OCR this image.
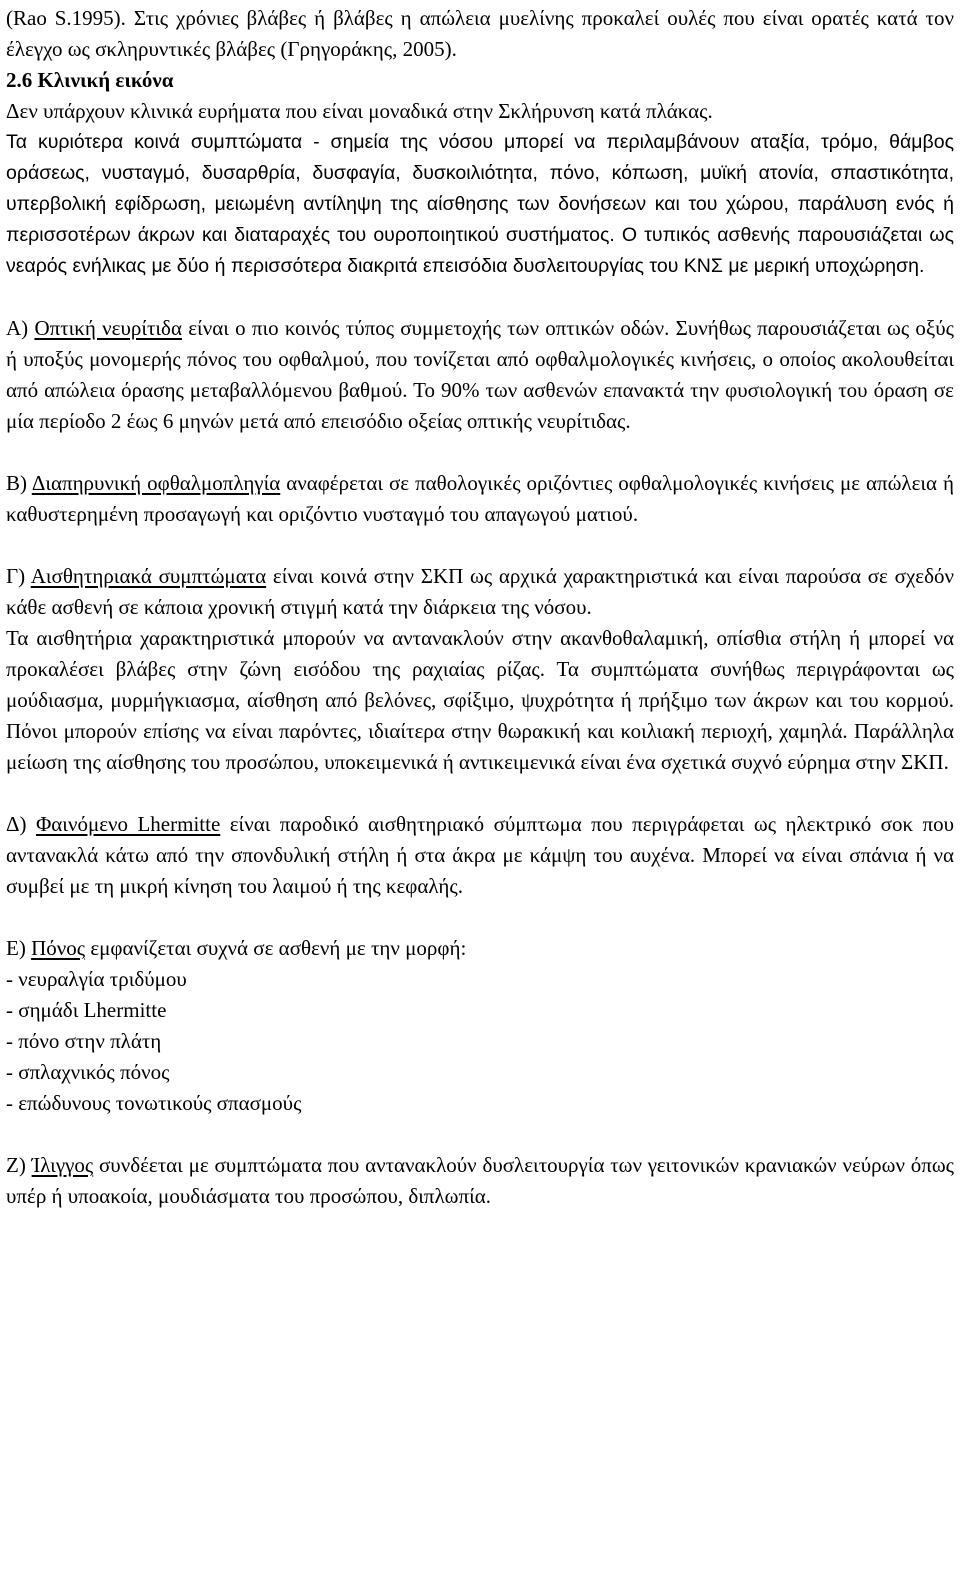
(Rao S.1995). Στις χρόνιες βλάβες ή βλάβες η απώλεια μυελίνης προκαλεί ουλές που είναι ορατές κατά τον έλεγχο ως σκληρυντικές βλάβες (Γρηγοράκης, 2005).

2.6 Κλινική εικόνα

Δεν υπάρχουν κλινικά ευρήματα που είναι μοναδικά στην Σκλήρυνση κατά πλάκας.

Τα κυριότερα κοινά συμπτώματα - σημεία της νόσου μπορεί να περιλαμβάνουν αταξία, τρόμο, θάμβος οράσεως, νυσταγμό, δυσαρθρία, δυσφαγία, δυσκοιλιότητα, πόνο, κόπωση, μυϊκή ατονία, σπαστικότητα, υπερβολική εφίδρωση, μειωμένη αντίληψη της αίσθησης των δονήσεων και του χώρου, παράλυση ενός ή περισσοτέρων άκρων και διαταραχές του ουροποιητικού συστήματος. Ο τυπικός ασθενής παρουσιάζεται ως νεαρός ενήλικας με δύο ή περισσότερα διακριτά επεισόδια δυσλειτουργίας του ΚΝΣ με μερική υποχώρηση.

Α) Οπτική νευρίτιδα είναι ο πιο κοινός τύπος συμμετοχής των οπτικών οδών. Συνήθως παρουσιάζεται ως οξύς ή υποξύς μονομερής πόνος του οφθαλμού, που τονίζεται από οφθαλμολογικές κινήσεις, ο οποίος ακολουθείται από απώλεια όρασης μεταβαλλόμενου βαθμού. Το 90% των ασθενών επανακτά την φυσιολογική του όραση σε μία περίοδο 2 έως 6 μηνών μετά από επεισόδιο οξείας οπτικής νευρίτιδας.

Β) Διαπηρυνική οφθαλμοπληγία αναφέρεται σε παθολογικές οριζόντιες οφθαλμολογικές κινήσεις με απώλεια ή καθυστερημένη προσαγωγή και οριζόντιο νυσταγμό του απαγωγού ματιού.

Γ) Αισθητηριακά συμπτώματα είναι κοινά στην ΣΚΠ ως αρχικά χαρακτηριστικά και είναι παρούσα σε σχεδόν κάθε ασθενή σε κάποια χρονική στιγμή κατά την διάρκεια της νόσου.

Τα αισθητήρια χαρακτηριστικά μπορούν να αντανακλούν στην ακανθοθαλαμική, οπίσθια στήλη ή μπορεί να προκαλέσει βλάβες στην ζώνη εισόδου της ραχιαίας ρίζας. Τα συμπτώματα συνήθως περιγράφονται ως μούδιασμα, μυρμήγκιασμα, αίσθηση από βελόνες, σφίξιμο, ψυχρότητα ή πρήξιμο των άκρων και του κορμού. Πόνοι μπορούν επίσης να είναι παρόντες, ιδιαίτερα στην θωρακική και κοιλιακή περιοχή, χαμηλά. Παράλληλα μείωση της αίσθησης του προσώπου, υποκειμενικά ή αντικειμενικά είναι ένα σχετικά συχνό εύρημα στην ΣΚΠ.

Δ) Φαινόμενο Lhermitte είναι παροδικό αισθητηριακό σύμπτωμα που περιγράφεται ως ηλεκτρικό σοκ που αντανακλά κάτω από την σπονδυλική στήλη ή στα άκρα με κάμψη του αυχένα. Μπορεί να είναι σπάνια ή να συμβεί με τη μικρή κίνηση του λαιμού ή της κεφαλής.

Ε) Πόνος εμφανίζεται συχνά σε ασθενή με την μορφή:

- νευραλγία τριδύμου

- σημάδι Lhermitte

- πόνο στην πλάτη

- σπλαχνικός πόνος

- επώδυνους τονωτικούς σπασμούς

Ζ) Ίλιγγος συνδέεται με συμπτώματα που αντανακλούν δυσλειτουργία των γειτονικών κρανιακών νεύρων όπως υπέρ ή υποακοία, μουδιάσματα του προσώπου, διπλωπία.
